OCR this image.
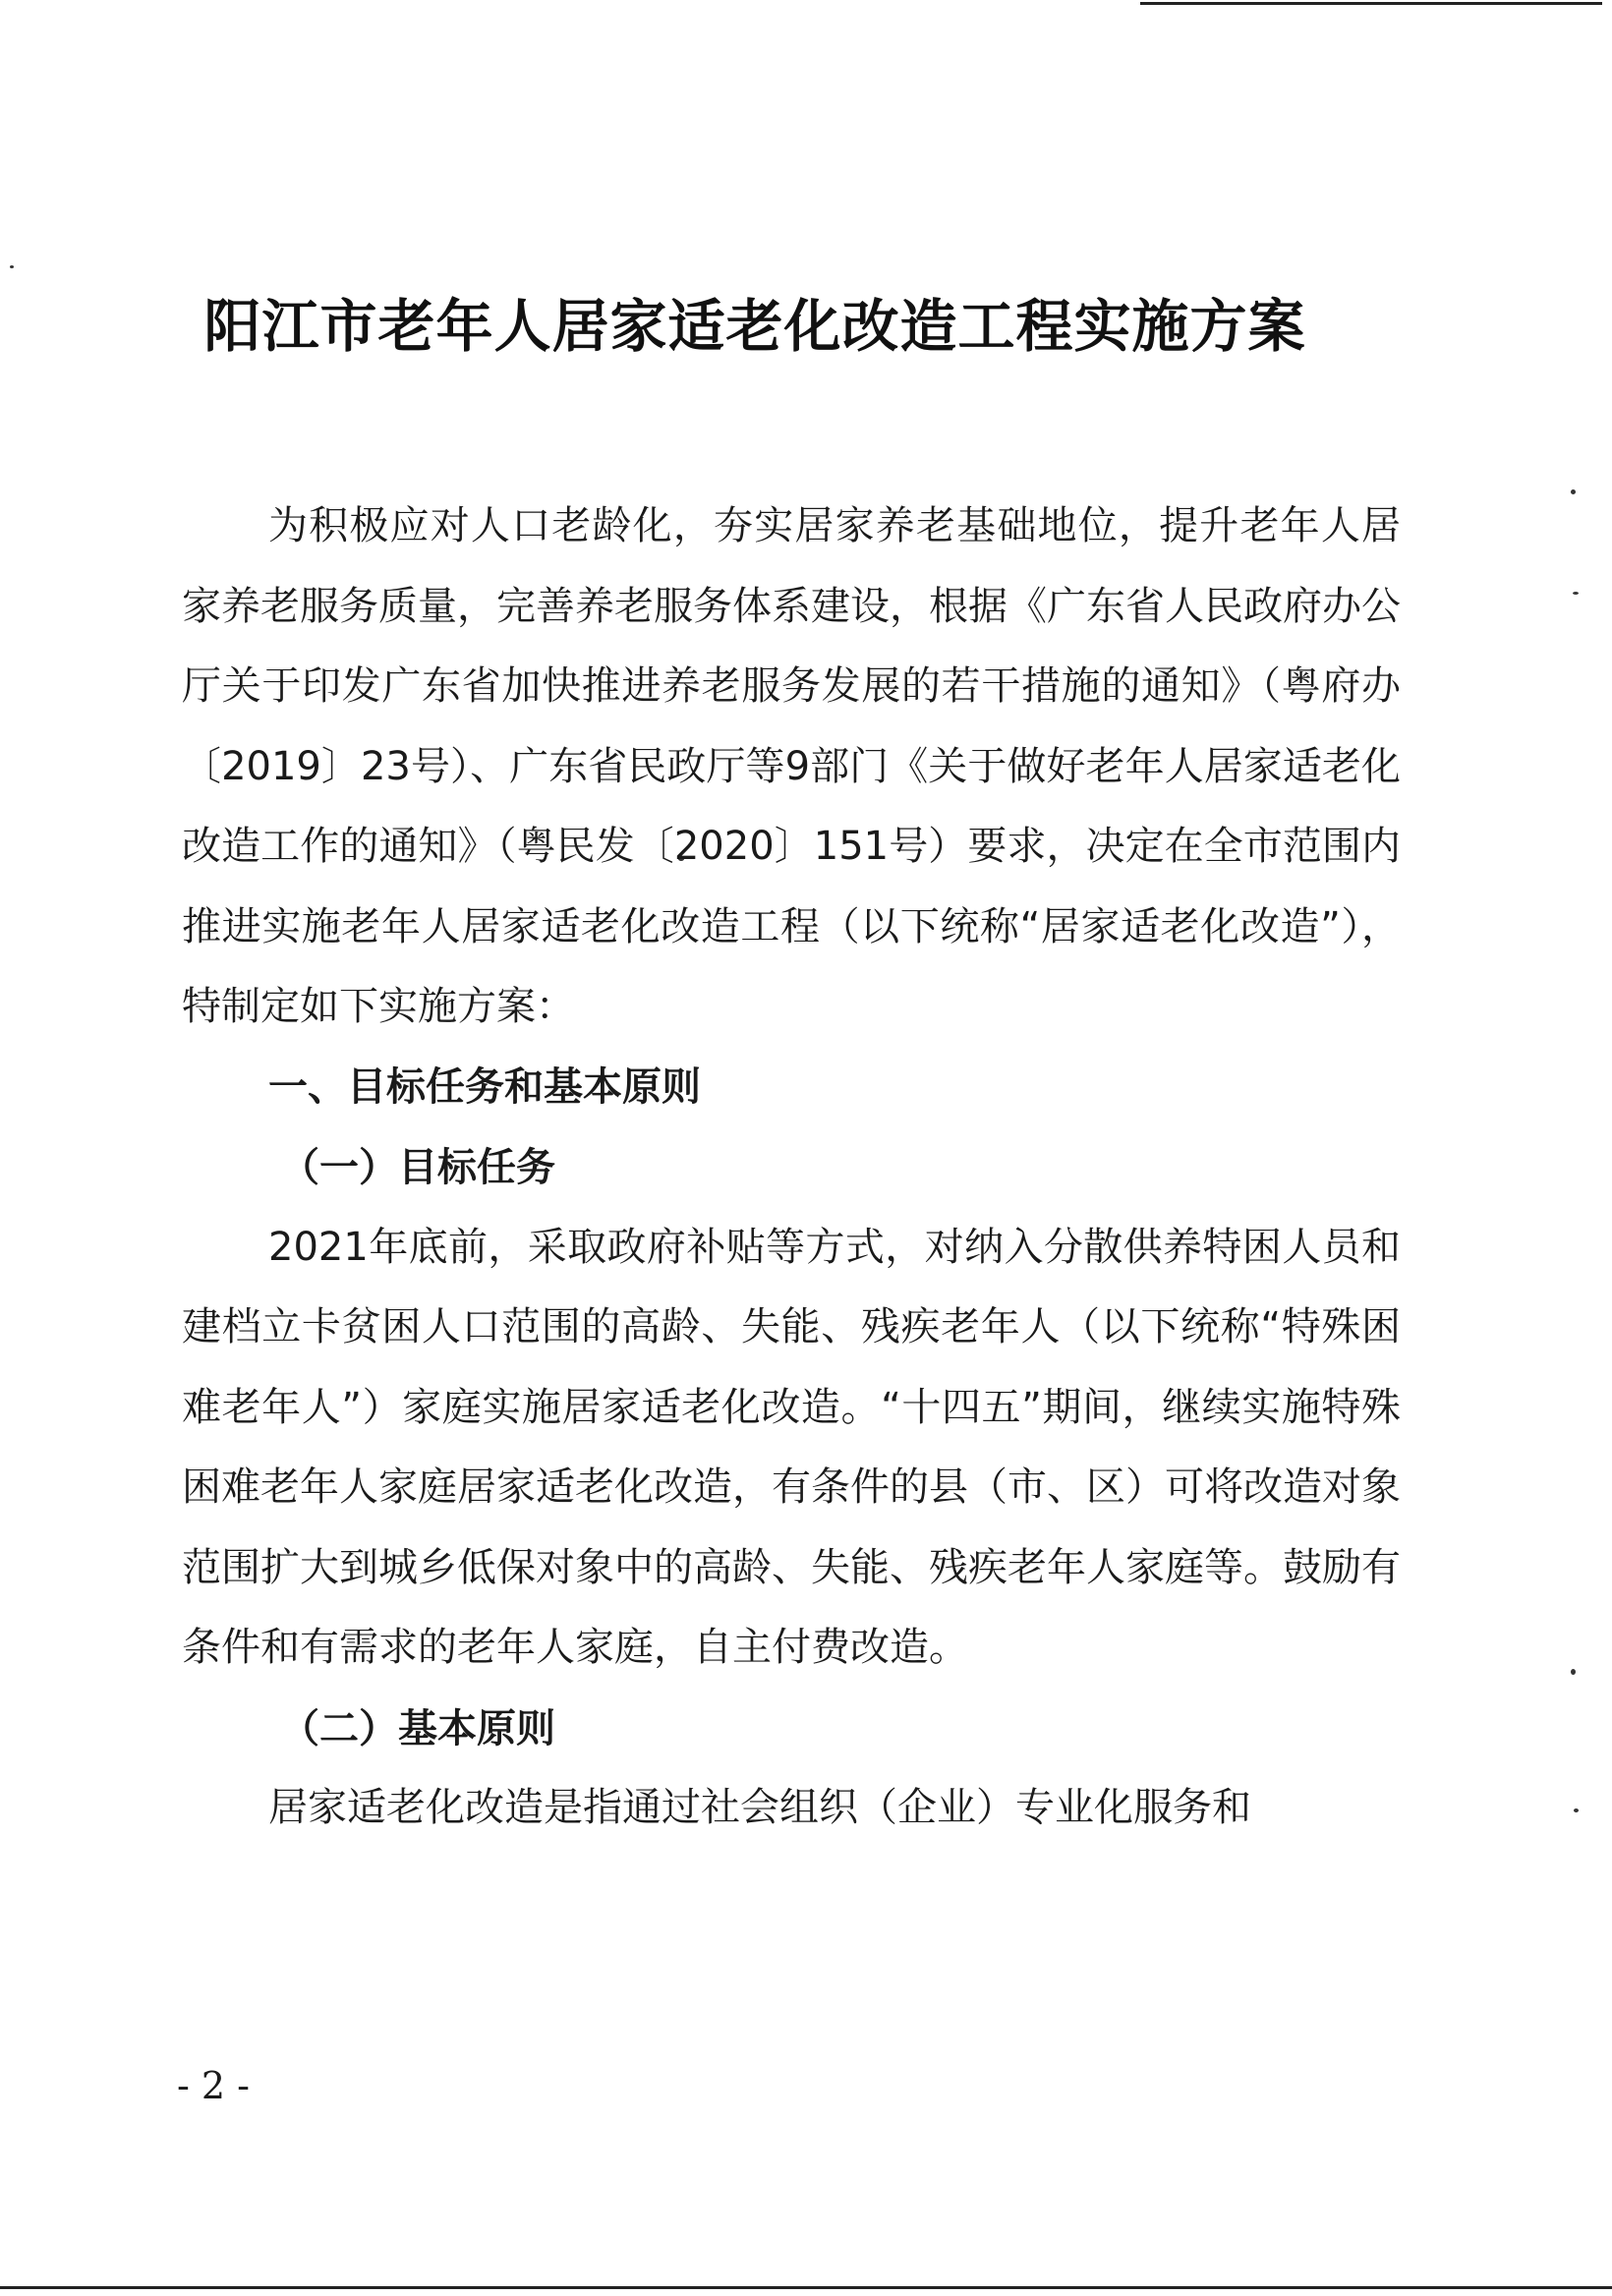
阳江市老年人居家适老化改造工程实施方案

为积极应对人口老龄化，夯实居家养老基础地位，提升老年人居家养老服务质量，完善养老服务体系建设，根据《广东省人民政府办公厅关于印发广东省加快推进养老服务发展的若干措施的通知》（粤府办〔2019〕23号）、广东省民政厅等9部门《关于做好老年人居家适老化改造工作的通知》（粤民发〔2020〕151号）要求，决定在全市范围内推进实施老年人居家适老化改造工程（以下统称“居家适老化改造”），特制定如下实施方案：

一、目标任务和基本原则

（一）目标任务

2021年底前，采取政府补贴等方式，对纳入分散供养特困人员和建档立卡贫困人口范围的高龄、失能、残疾老年人（以下统称“特殊困难老年人”）家庭实施居家适老化改造。“十四五”期间，继续实施特殊困难老年人家庭居家适老化改造，有条件的县（市、区）可将改造对象范围扩大到城乡低保对象中的高龄、失能、残疾老年人家庭等。鼓励有条件和有需求的老年人家庭，自主付费改造。

（二）基本原则

居家适老化改造是指通过社会组织（企业）专业化服务和

- 2 -
